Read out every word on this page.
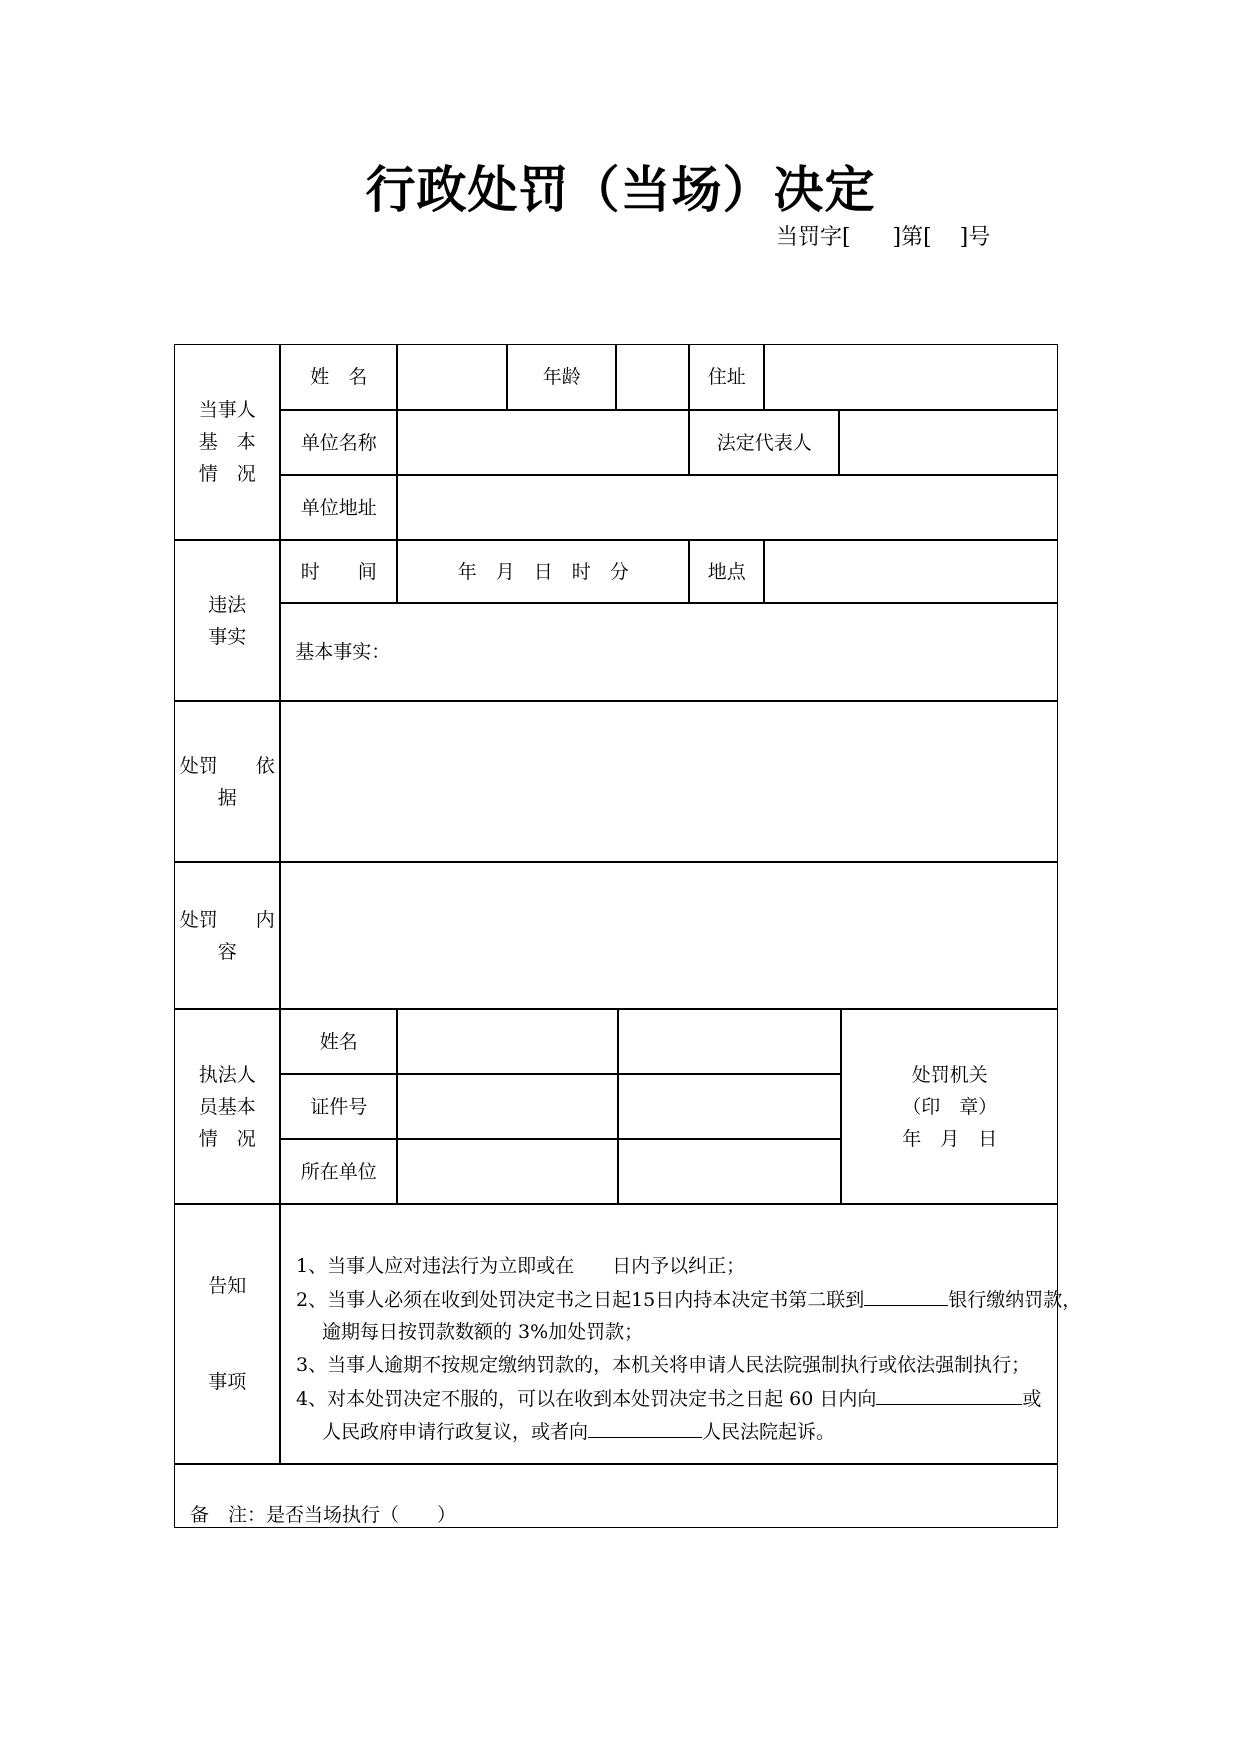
行政处罚（当场）决定
当罚字[      ]第[    ]号
当事人
基　本
情　况
姓　名	年龄	住址
单位名称	法定代表人
单位地址
违法
事实
时　　间	年　月　日　时　分	地点
基本事实：
处罚　　依
据
处罚　　内
容
执法人
员基本
情　况
姓名
证件号
所在单位
处罚机关
（印　章）
年　月　日
告知
事项
1、当事人应对违法行为立即或在 日内予以纠正；
2、当事人必须在收到处罚决定书之日起15日内持本决定书第二联到	银行缴纳罚款，
逾期每日按罚款数额的 3%加处罚款；
3、当事人逾期不按规定缴纳罚款的，本机关将申请人民法院强制执行或依法强制执行；
4、对本处罚决定不服的，可以在收到本处罚决定书之日起 60 日内向	或
人民政府申请行政复议，或者向	人民法院起诉。
备　注：是否当场执行（　　）
